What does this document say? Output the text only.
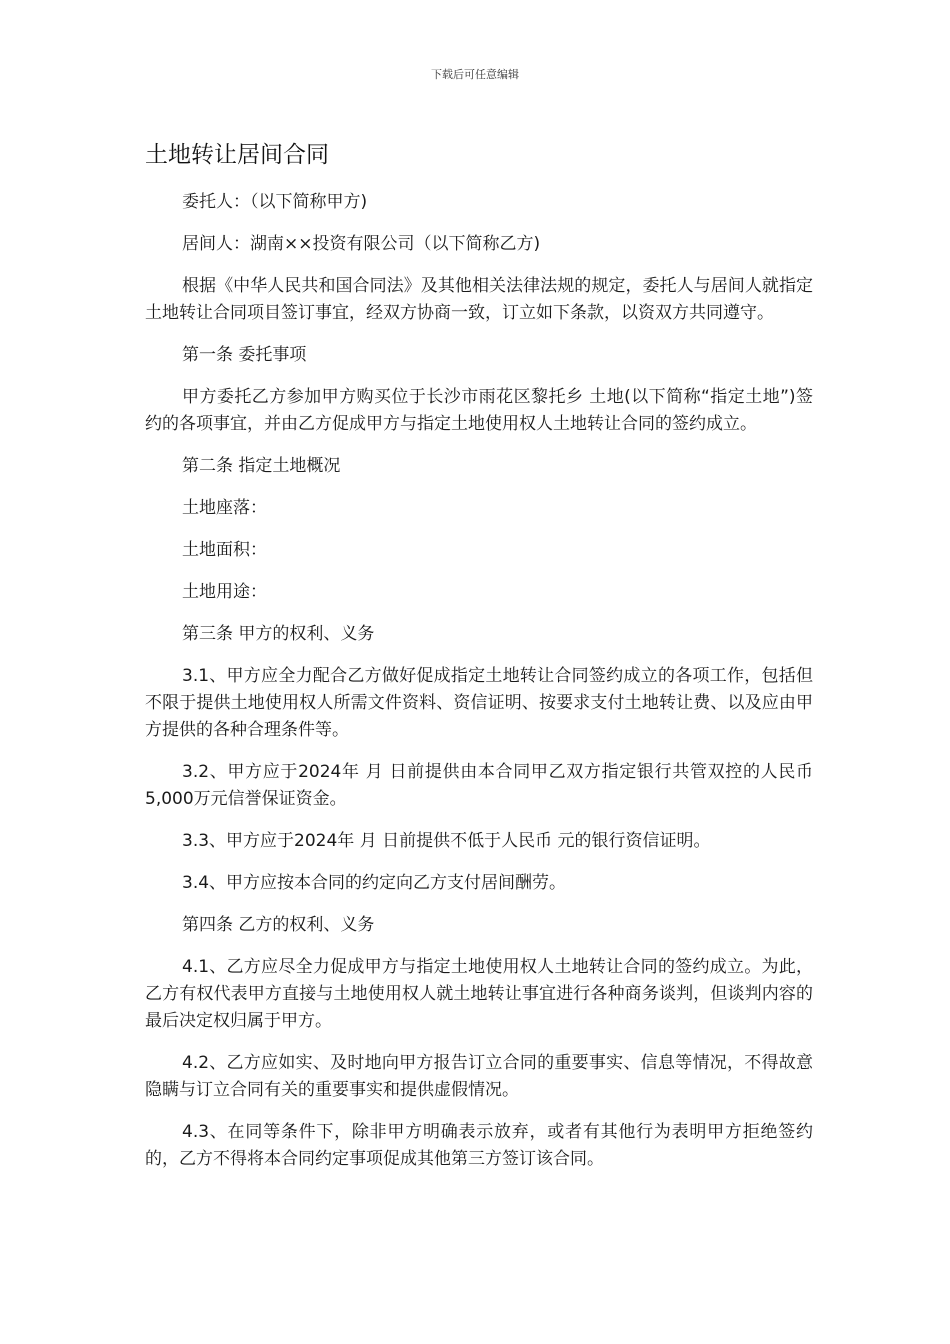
下载后可任意编辑
土地转让居间合同

委托人：（以下简称甲方)

居间人：湖南××投资有限公司（以下简称乙方)

根据《中华人民共和国合同法》及其他相关法律法规的规定，委托人与居间人就指定土地转让合同项目签订事宜，经双方协商一致，订立如下条款，以资双方共同遵守。

第一条 委托事项

甲方委托乙方参加甲方购买位于长沙市雨花区黎托乡 土地(以下简称“指定土地”)签约的各项事宜，并由乙方促成甲方与指定土地使用权人土地转让合同的签约成立。

第二条 指定土地概况

土地座落：

土地面积：

土地用途：

第三条 甲方的权利、义务

3.1、甲方应全力配合乙方做好促成指定土地转让合同签约成立的各项工作，包括但不限于提供土地使用权人所需文件资料、资信证明、按要求支付土地转让费、以及应由甲方提供的各种合理条件等。

3.2、甲方应于2024年 月 日前提供由本合同甲乙双方指定银行共管双控的人民币5,000万元信誉保证资金。

3.3、甲方应于2024年 月 日前提供不低于人民币 元的银行资信证明。

3.4、甲方应按本合同的约定向乙方支付居间酬劳。

第四条 乙方的权利、义务

4.1、乙方应尽全力促成甲方与指定土地使用权人土地转让合同的签约成立。为此，乙方有权代表甲方直接与土地使用权人就土地转让事宜进行各种商务谈判，但谈判内容的最后决定权归属于甲方。

4.2、乙方应如实、及时地向甲方报告订立合同的重要事实、信息等情况，不得故意隐瞒与订立合同有关的重要事实和提供虚假情况。

4.3、在同等条件下，除非甲方明确表示放弃，或者有其他行为表明甲方拒绝签约的，乙方不得将本合同约定事项促成其他第三方签订该合同。
